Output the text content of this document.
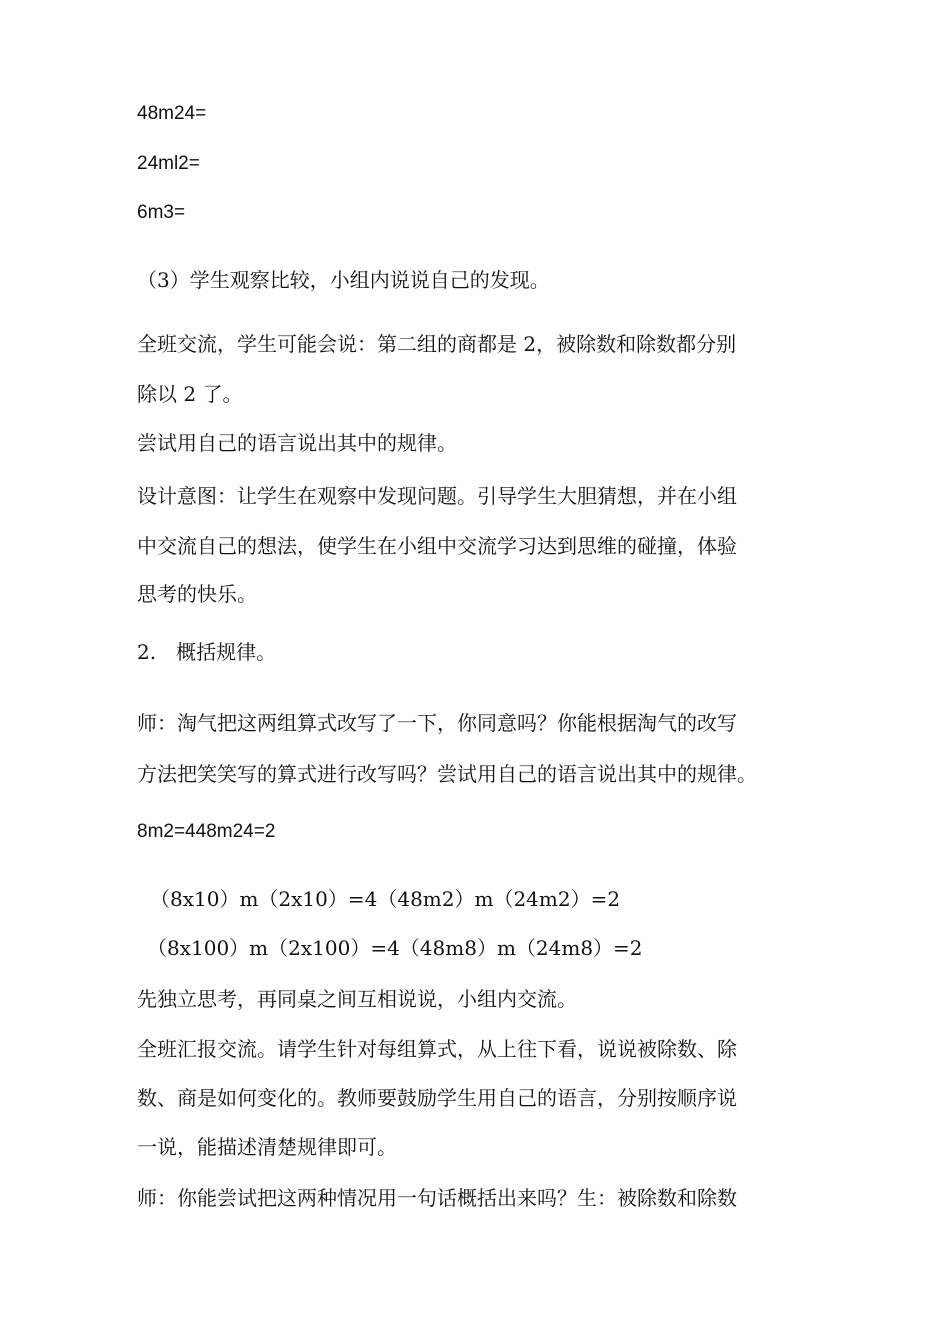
48m24=
24ml2=
6m3=
（3）学生观察比较，小组内说说自己的发现。
全班交流，学生可能会说：第二组的商都是 2，被除数和除数都分别
除以 2 了。
尝试用自己的语言说出其中的规律。
设计意图：让学生在观察中发现问题。引导学生大胆猜想，并在小组
中交流自己的想法，使学生在小组中交流学习达到思维的碰撞，体验
思考的快乐。
2.　概括规律。
师：淘气把这两组算式改写了一下，你同意吗？你能根据淘气的改写
方法把笑笑写的算式进行改写吗？尝试用自己的语言说出其中的规律。
8m2=448m24=2
（8x10）m（2x10）=4（48m2）m（24m2）=2
（8x100）m（2x100）=4（48m8）m（24m8）=2
先独立思考，再同桌之间互相说说，小组内交流。
全班汇报交流。请学生针对每组算式，从上往下看，说说被除数、除
数、商是如何变化的。教师要鼓励学生用自己的语言，分别按顺序说
一说，能描述清楚规律即可。
师：你能尝试把这两种情况用一句话概括出来吗？生：被除数和除数
